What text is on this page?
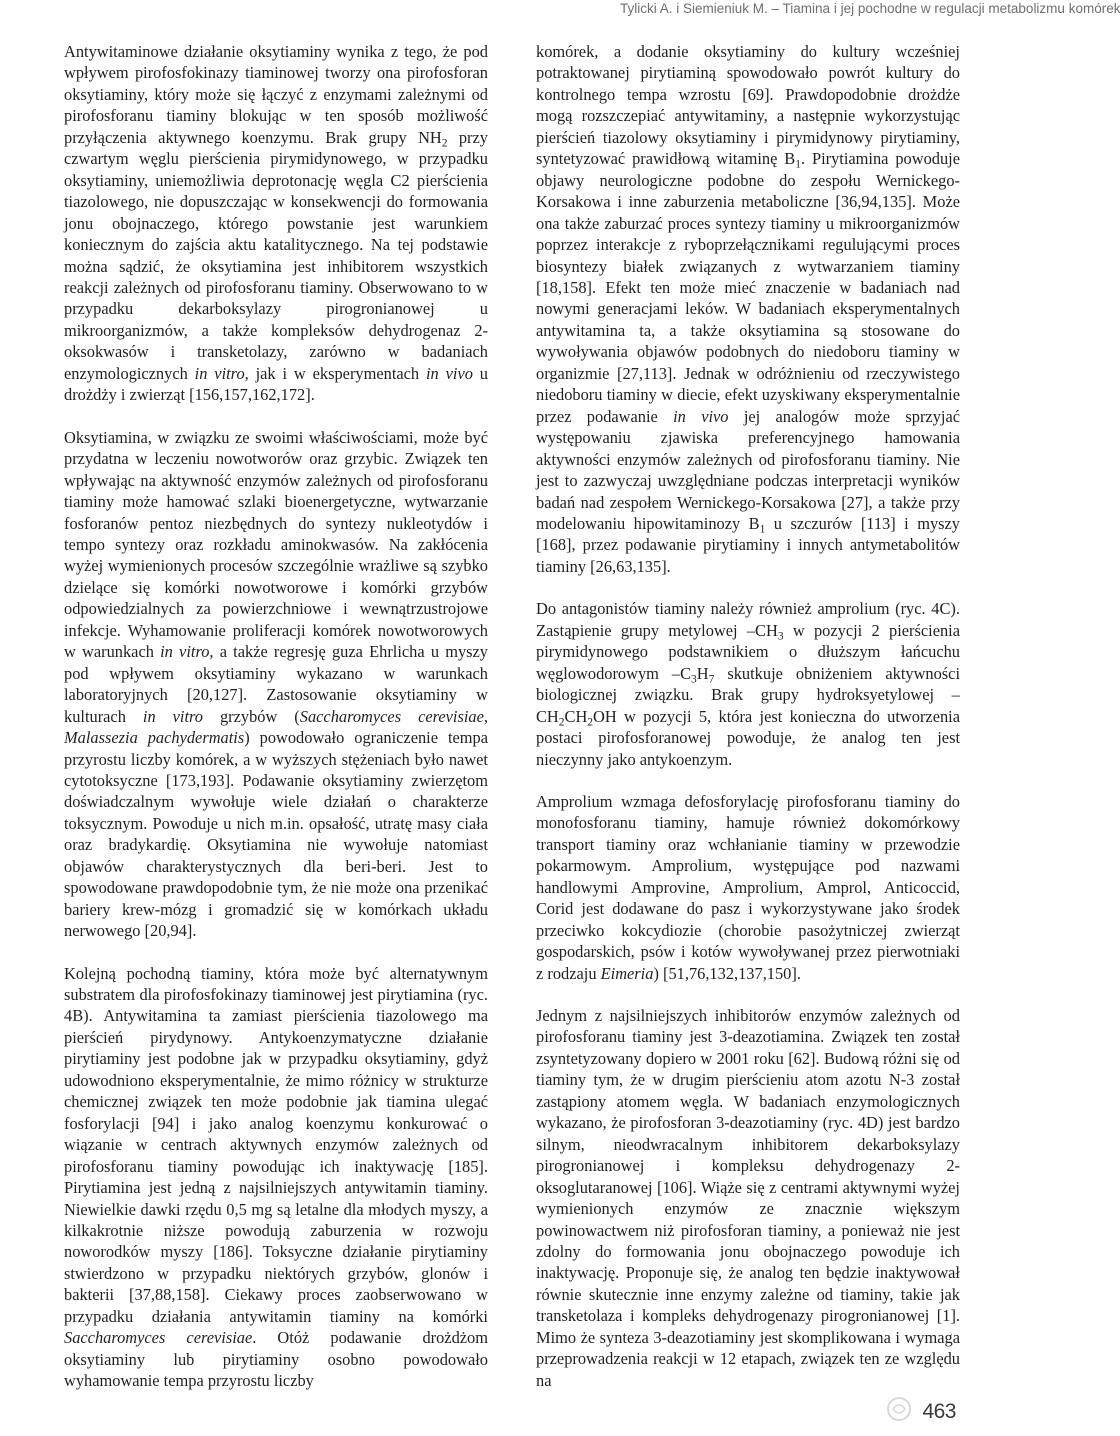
Tylicki A. i Siemieniuk M. – Tiamina i jej pochodne w regulacji metabolizmu komórek

Antywitaminowe działanie oksytiaminy wynika z tego, że pod wpływem pirofosfokinazy tiaminowej tworzy ona pirofosforan oksytiaminy, który może się łączyć z enzymami zależnymi od pirofosforanu tiaminy blokując w ten sposób możliwość przyłączenia aktywnego koenzymu. Brak grupy $NH_2$ przy czwartym węglu pierścienia pirymidynowego, w przypadku oksytiaminy, uniemożliwia deprotonację węgla C2 pierścienia tiazolowego, nie dopuszczając w konsekwencji do formowania jonu obojnaczego, którego powstanie jest warunkiem koniecznym do zajścia aktu katalitycznego. Na tej podstawie można sądzić, że oksytiamina jest inhibitorem wszystkich reakcji zależnych od pirofosforanu tiaminy. Obserwowano to w przypadku dekarboksylazy pirogronianowej u mikroorganizmów, a także kompleksów dehydrogenaz 2-oksokwasów i transketolazy, zarówno w badaniach enzymologicznych in vitro, jak i w eksperymentach in vivo u drożdży i zwierząt [156,157,162,172].

Oksytiamina, w związku ze swoimi właściwościami, może być przydatna w leczeniu nowotworów oraz grzybic. Związek ten wpływając na aktywność enzymów zależnych od pirofosforanu tiaminy może hamować szlaki bioenergetyczne, wytwarzanie fosforanów pentoz niezbędnych do syntezy nukleotydów i tempo syntezy oraz rozkładu aminokwasów. Na zakłócenia wyżej wymienionych procesów szczególnie wrażliwe są szybko dzielące się komórki nowotworowe i komórki grzybów odpowiedzialnych za powierzchniowe i wewnątrzustrojowe infekcje. Wyhamowanie proliferacji komórek nowotworowych w warunkach in vitro, a także regresję guza Ehrlicha u myszy pod wpływem oksytiaminy wykazano w warunkach laboratoryjnych [20,127]. Zastosowanie oksytiaminy w kulturach in vitro grzybów (Saccharomyces cerevisiae, Malassezia pachydermatis) powodowało ograniczenie tempa przyrostu liczby komórek, a w wyższych stężeniach było nawet cytotoksyczne [173,193]. Podawanie oksytiaminy zwierzętom doświadczalnym wywołuje wiele działań o charakterze toksycznym. Powoduje u nich m.in. opsałość, utratę masy ciała oraz bradykardię. Oksytiamina nie wywołuje natomiast objawów charakterystycznych dla beri-beri. Jest to spowodowane prawdopodobnie tym, że nie może ona przenikać bariery krew-mózg i gromadzić się w komórkach układu nerwowego [20,94].

Kolejną pochodną tiaminy, która może być alternatywnym substratem dla pirofosfokinazy tiaminowej jest pirytiamina (ryc. 4B). Antywitamina ta zamiast pierścienia tiazolowego ma pierścień pirydynowy. Antykoenzymatyczne działanie pirytiaminy jest podobne jak w przypadku oksytiaminy, gdyż udowodniono eksperymentalnie, że mimo różnicy w strukturze chemicznej związek ten może podobnie jak tiamina ulegać fosforylacji [94] i jako analog koenzymu konkurować o wiązanie w centrach aktywnych enzymów zależnych od pirofosforanu tiaminy powodując ich inaktywację [185]. Pirytiamina jest jedną z najsilniejszych antywitamin tiaminy. Niewielkie dawki rzędu 0,5 mg są letalne dla młodych myszy, a kilkakrotnie niższe powodują zaburzenia w rozwoju noworodków myszy [186]. Toksyczne działanie pirytiaminy stwierdzono w przypadku niektórych grzybów, glonów i bakterii [37,88,158]. Ciekawy proces zaobserwowano w przypadku działania antywitamin tiaminy na komórki Saccharomyces cerevisiae. Otóż podawanie drożdżom oksytiaminy lub pirytiaminy osobno powodowało wyhamowanie tempa przyrostu liczby

komórek, a dodanie oksytiaminy do kultury wcześniej potraktowanej pirytiaminą spowodowało powrót kultury do kontrolnego tempa wzrostu [69]. Prawdopodobnie drożdże mogą rozszczepiać antywitaminy, a następnie wykorzystując pierścień tiazolowy oksytiaminy i pirymidynowy pirytiaminy, syntetyzować prawidłową witaminę $B_1$. Pirytiamina powoduje objawy neurologiczne podobne do zespołu Wernickego-Korsakowa i inne zaburzenia metaboliczne [36,94,135]. Może ona także zaburzać proces syntezy tiaminy u mikroorganizmów poprzez interakcje z ryboprzełącznikami regulującymi proces biosyntezy białek związanych z wytwarzaniem tiaminy [18,158]. Efekt ten może mieć znaczenie w badaniach nad nowymi generacjami leków. W badaniach eksperymentalnych antywitamina ta, a także oksytiamina są stosowane do wywoływania objawów podobnych do niedoboru tiaminy w organizmie [27,113]. Jednak w odróżnieniu od rzeczywistego niedoboru tiaminy w diecie, efekt uzyskiwany eksperymentalnie przez podawanie in vivo jej analogów może sprzyjać występowaniu zjawiska preferencyjnego hamowania aktywności enzymów zależnych od pirofosforanu tiaminy. Nie jest to zazwyczaj uwzględniane podczas interpretacji wyników badań nad zespołem Wernickego-Korsakowa [27], a także przy modelowaniu hipowitaminozy $B_1$ u szczurów [113] i myszy [168], przez podawanie pirytiaminy i innych antymetabolitów tiaminy [26,63,135].

Do antagonistów tiaminy należy również amprolium (ryc. 4C). Zastąpienie grupy metylowej $-CH_3$ w pozycji 2 pierścienia pirymidynowego podstawnikiem o dłuższym łańcuchu węglowodorowym $-C_3H_7$ skutkuje obniżeniem aktywności biologicznej związku. Brak grupy hydroksyetylowej $-CH_2CH_2OH$ w pozycji 5, która jest konieczna do utworzenia postaci pirofosforanowej powoduje, że analog ten jest nieczynny jako antykoenzym.

Amprolium wzmaga defosforylację pirofosforanu tiaminy do monofosforanu tiaminy, hamuje również dokomórkowy transport tiaminy oraz wchłanianie tiaminy w przewodzie pokarmowym. Amprolium, występujące pod nazwami handlowymi Amprovine, Amprolium, Amprol, Anticoccid, Corid jest dodawane do pasz i wykorzystywane jako środek przeciwko kokcydiozie (chorobie pasożytniczej zwierząt gospodarskich, psów i kotów wywoływanej przez pierwotniaki z rodzaju Eimeria) [51,76,132,137,150].

Jednym z najsilniejszych inhibitorów enzymów zależnych od pirofosforanu tiaminy jest 3-deazotiamina. Związek ten został zsyntetyzowany dopiero w 2001 roku [62]. Budową różni się od tiaminy tym, że w drugim pierścieniu atom azotu N-3 został zastąpiony atomem węgla. W badaniach enzymologicznych wykazano, że pirofosforan 3-deazotiaminy (ryc. 4D) jest bardzo silnym, nieodwracalnym inhibitorem dekarboksylazy pirogronianowej i kompleksu dehydrogenazy 2-oksoglutaranowej [106]. Wiąże się z centrami aktywnymi wyżej wymienionych enzymów ze znacznie większym powinowactwem niż pirofosforan tiaminy, a ponieważ nie jest zdolny do formowania jonu obojnaczego powoduje ich inaktywację. Proponuje się, że analog ten będzie inaktywował równie skutecznie inne enzymy zależne od tiaminy, takie jak transketolaza i kompleks dehydrogenazy pirogronianowej [1]. Mimo że synteza 3-deazotiaminy jest skomplikowana i wymaga przeprowadzenia reakcji w 12 etapach, związek ten ze względu na

463
